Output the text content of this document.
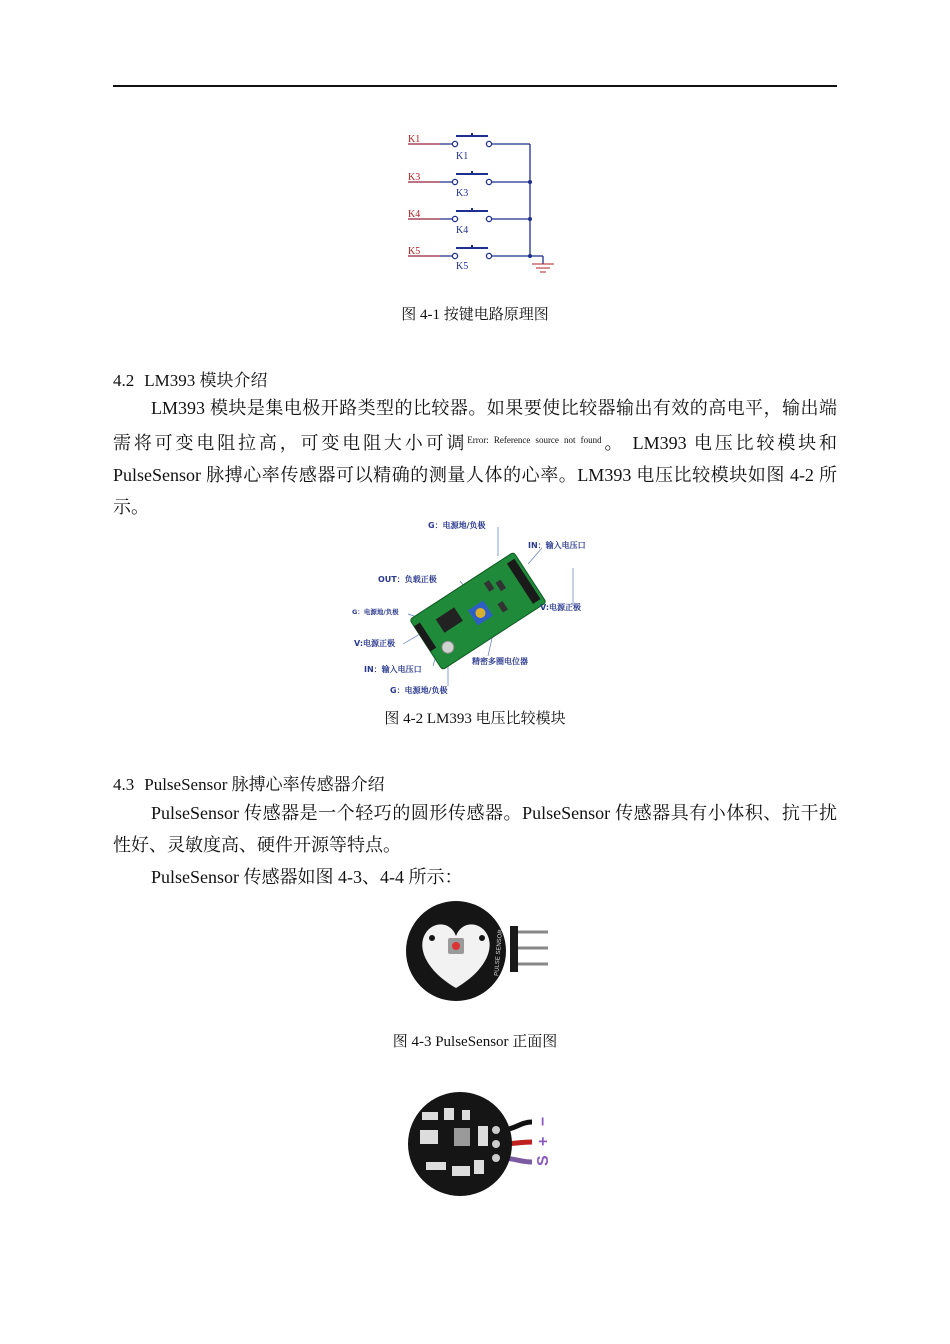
K1
K3
K4
K5
K1
K3
K4
K5
图 4-1 按键电路原理图
4.2 LM393 模块介绍
LM393 模块是集电极开路类型的比较器。如果要使比较器输出有效的高电平，输出端需将可变电阻拉高，可变电阻大小可调$^{Error: Reference source not found}$。 LM393 电压比较模块和 PulseSensor 脉搏心率传感器可以精确的测量人体的心率。LM393 电压比较模块如图 4-2 所示。
G：电源地/负极
IN：输入电压口
OUT：负载正极
G：电源地/负极	V:电源正极
V:电源正极
IN：输入电压口
精密多圈电位器
G：电源地/负极
图 4-2 LM393 电压比较模块
4.3 PulseSensor 脉搏心率传感器介绍
PulseSensor 传感器是一个轻巧的圆形传感器。PulseSensor 传感器具有小体积、抗干扰性好、灵敏度高、硬件开源等特点。
PulseSensor 传感器如图 4-3、4-4 所示：
PULSE SENSOR
图 4-3 PulseSensor 正面图
−
+
S
